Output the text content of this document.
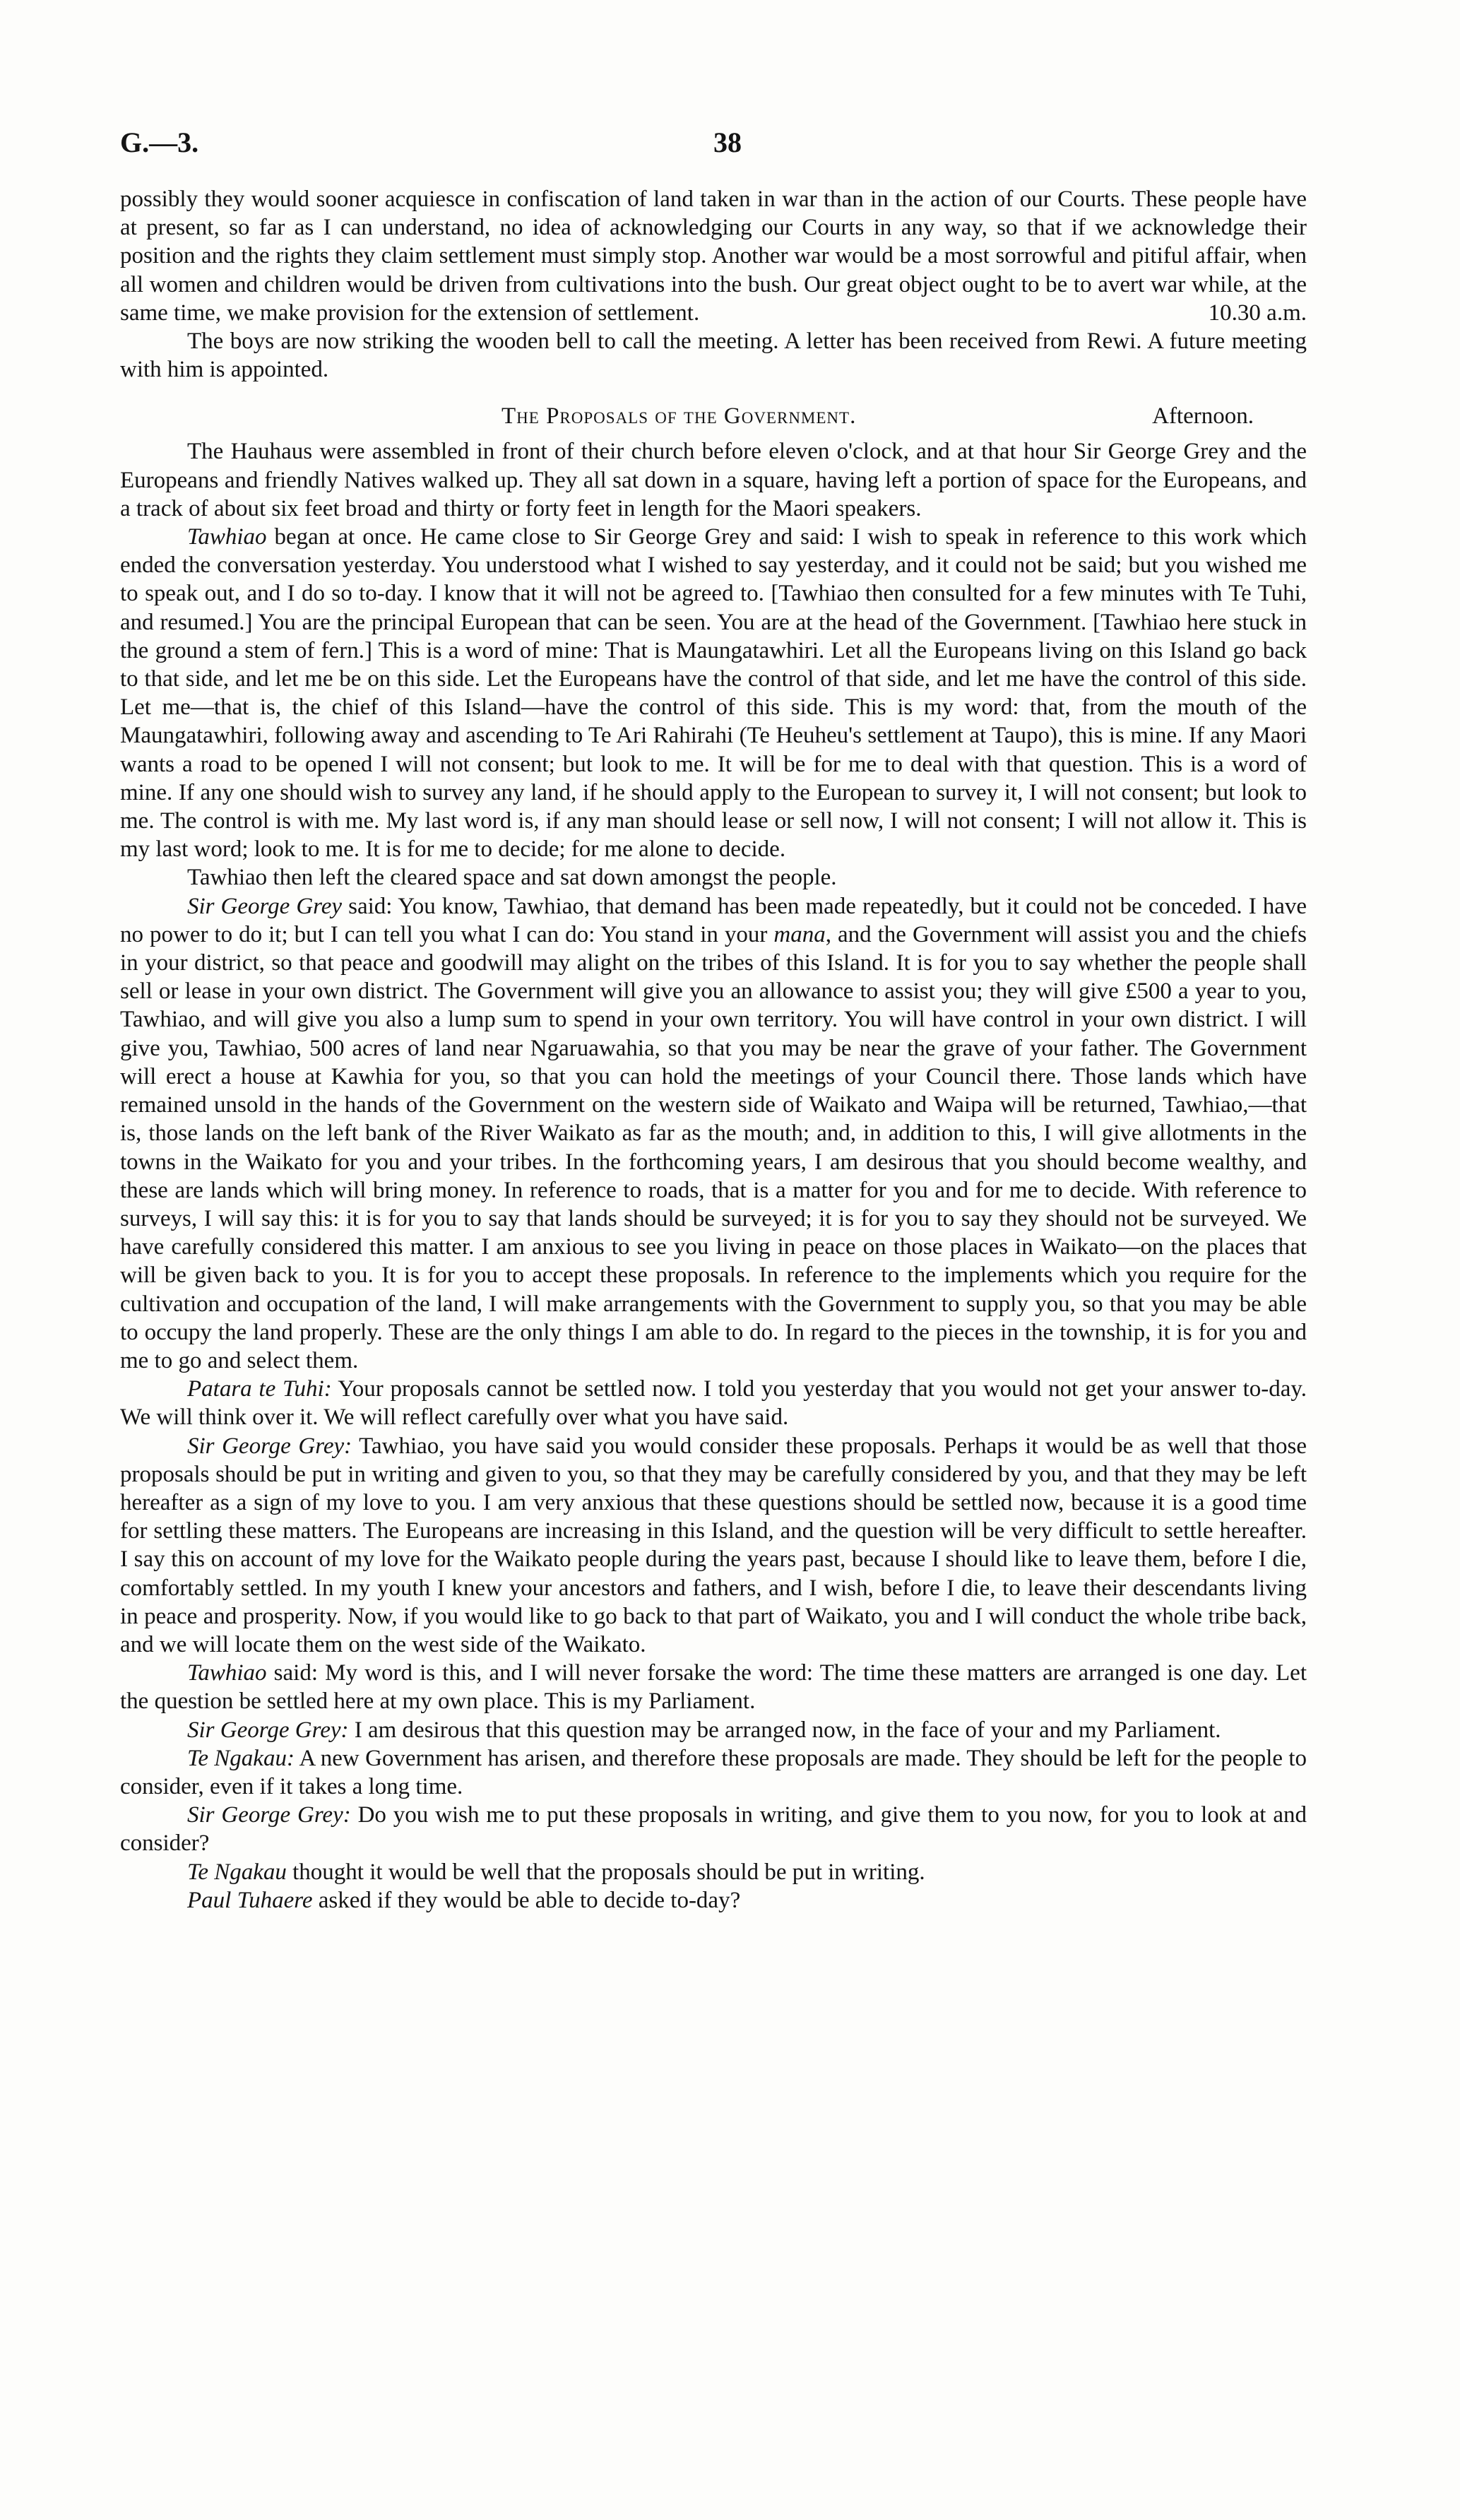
G.—3.	38

possibly they would sooner acquiesce in confiscation of land taken in war than in the action of our Courts. These people have at present, so far as I can understand, no idea of acknowledging our Courts in any way, so that if we acknowledge their position and the rights they claim settlement must simply stop. Another war would be a most sorrowful and pitiful affair, when all women and children would be driven from cultivations into the bush. Our great object ought to be to avert war while, at the same time, we make provision for the extension of settlement.	10.30 a.m.

The boys are now striking the wooden bell to call the meeting. A letter has been received from Rewi. A future meeting with him is appointed.

The Proposals of the Government.	Afternoon.

The Hauhaus were assembled in front of their church before eleven o'clock, and at that hour Sir George Grey and the Europeans and friendly Natives walked up. They all sat down in a square, having left a portion of space for the Europeans, and a track of about six feet broad and thirty or forty feet in length for the Maori speakers.

Tawhiao began at once. He came close to Sir George Grey and said: I wish to speak in reference to this work which ended the conversation yesterday. You understood what I wished to say yesterday, and it could not be said; but you wished me to speak out, and I do so to-day. I know that it will not be agreed to. [Tawhiao then consulted for a few minutes with Te Tuhi, and resumed.] You are the principal European that can be seen. You are at the head of the Government. [Tawhiao here stuck in the ground a stem of fern.] This is a word of mine: That is Maungatawhiri. Let all the Europeans living on this Island go back to that side, and let me be on this side. Let the Europeans have the control of that side, and let me have the control of this side. Let me—that is, the chief of this Island—have the control of this side. This is my word: that, from the mouth of the Maungatawhiri, following away and ascending to Te Ari Rahirahi (Te Heuheu's settlement at Taupo), this is mine. If any Maori wants a road to be opened I will not consent; but look to me. It will be for me to deal with that question. This is a word of mine. If any one should wish to survey any land, if he should apply to the European to survey it, I will not consent; but look to me. The control is with me. My last word is, if any man should lease or sell now, I will not consent; I will not allow it. This is my last word; look to me. It is for me to decide; for me alone to decide.

Tawhiao then left the cleared space and sat down amongst the people.

Sir George Grey said: You know, Tawhiao, that demand has been made repeatedly, but it could not be conceded. I have no power to do it; but I can tell you what I can do: You stand in your mana, and the Government will assist you and the chiefs in your district, so that peace and goodwill may alight on the tribes of this Island. It is for you to say whether the people shall sell or lease in your own district. The Government will give you an allowance to assist you; they will give £500 a year to you, Tawhiao, and will give you also a lump sum to spend in your own territory. You will have control in your own district. I will give you, Tawhiao, 500 acres of land near Ngaruawahia, so that you may be near the grave of your father. The Government will erect a house at Kawhia for you, so that you can hold the meetings of your Council there. Those lands which have remained unsold in the hands of the Government on the western side of Waikato and Waipa will be returned, Tawhiao,—that is, those lands on the left bank of the River Waikato as far as the mouth; and, in addition to this, I will give allotments in the towns in the Waikato for you and your tribes. In the forthcoming years, I am desirous that you should become wealthy, and these are lands which will bring money. In reference to roads, that is a matter for you and for me to decide. With reference to surveys, I will say this: it is for you to say that lands should be surveyed; it is for you to say they should not be surveyed. We have carefully considered this matter. I am anxious to see you living in peace on those places in Waikato—on the places that will be given back to you. It is for you to accept these proposals. In reference to the implements which you require for the cultivation and occupation of the land, I will make arrangements with the Government to supply you, so that you may be able to occupy the land properly. These are the only things I am able to do. In regard to the pieces in the township, it is for you and me to go and select them.

Patara te Tuhi: Your proposals cannot be settled now. I told you yesterday that you would not get your answer to-day. We will think over it. We will reflect carefully over what you have said.

Sir George Grey: Tawhiao, you have said you would consider these proposals. Perhaps it would be as well that those proposals should be put in writing and given to you, so that they may be carefully considered by you, and that they may be left hereafter as a sign of my love to you. I am very anxious that these questions should be settled now, because it is a good time for settling these matters. The Europeans are increasing in this Island, and the question will be very difficult to settle hereafter. I say this on account of my love for the Waikato people during the years past, because I should like to leave them, before I die, comfortably settled. In my youth I knew your ancestors and fathers, and I wish, before I die, to leave their descendants living in peace and prosperity. Now, if you would like to go back to that part of Waikato, you and I will conduct the whole tribe back, and we will locate them on the west side of the Waikato.

Tawhiao said: My word is this, and I will never forsake the word: The time these matters are arranged is one day. Let the question be settled here at my own place. This is my Parliament.

Sir George Grey: I am desirous that this question may be arranged now, in the face of your and my Parliament.

Te Ngakau: A new Government has arisen, and therefore these proposals are made. They should be left for the people to consider, even if it takes a long time.

Sir George Grey: Do you wish me to put these proposals in writing, and give them to you now, for you to look at and consider?

Te Ngakau thought it would be well that the proposals should be put in writing.

Paul Tuhaere asked if they would be able to decide to-day?
